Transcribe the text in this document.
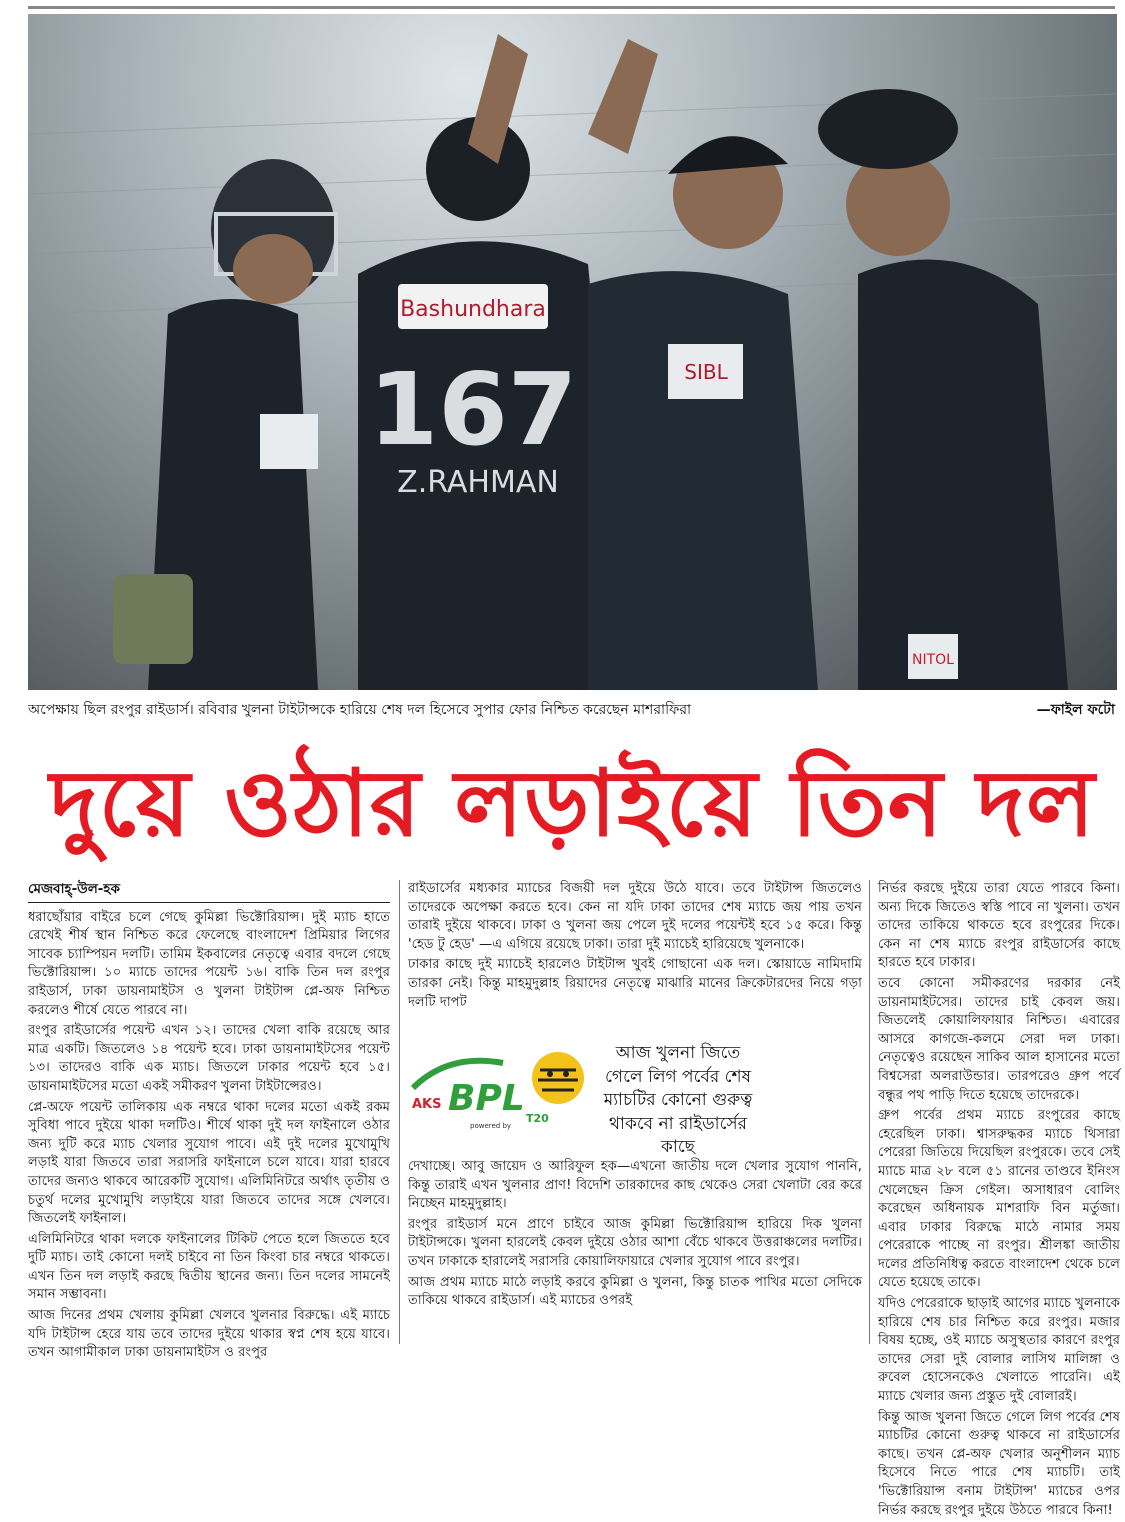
Bashundhara
167
Z.RAHMAN
SIBL
NITOL
অপেক্ষায় ছিল রংপুর রাইডার্স। রবিবার খুলনা টাইটান্সকে হারিয়ে শেষ দল হিসেবে সুপার ফোর নিশ্চিত করেছেন মাশরাফিরা	—ফাইল ফটো
দুয়ে ওঠার লড়াইয়ে তিন দল

মেজবাহ্-উল-হক

ধরাছোঁয়ার বাইরে চলে গেছে কুমিল্লা ভিক্টোরিয়ান্স। দুই ম্যাচ হাতে রেখেই শীর্ষ স্থান নিশ্চিত করে ফেলেছে বাংলাদেশ প্রিমিয়ার লিগের সাবেক চ্যাম্পিয়ন দলটি। তামিম ইকবালের নেতৃত্বে এবার বদলে গেছে ভিক্টোরিয়ান্স। ১০ ম্যাচে তাদের পয়েন্ট ১৬। বাকি তিন দল রংপুর রাইডার্স, ঢাকা ডায়নামাইটস ও খুলনা টাইটান্স প্লে-অফ নিশ্চিত করলেও শীর্ষে যেতে পারবে না।

রংপুর রাইডার্সের পয়েন্ট এখন ১২। তাদের খেলা বাকি রয়েছে আর মাত্র একটি। জিতলেও ১৪ পয়েন্ট হবে। ঢাকা ডায়নামাইটসের পয়েন্ট ১৩। তাদেরও বাকি এক ম্যাচ। জিতলে ঢাকার পয়েন্ট হবে ১৫। ডায়নামাইটসের মতো একই সমীকরণ খুলনা টাইটান্সেরও।

প্লে-অফে পয়েন্ট তালিকায় এক নম্বরে থাকা দলের মতো একই রকম সুবিধা পাবে দুইয়ে থাকা দলটিও। শীর্ষে থাকা দুই দল ফাইনালে ওঠার জন্য দুটি করে ম্যাচ খেলার সুযোগ পাবে। এই দুই দলের মুখোমুখি লড়াই যারা জিতবে তারা সরাসরি ফাইনালে চলে যাবে। যারা হারবে তাদের জন্যও থাকবে আরেকটি সুযোগ। এলিমিনিটরে অর্থাৎ তৃতীয় ও চতুর্থ দলের মুখোমুখি লড়াইয়ে যারা জিতবে তাদের সঙ্গে খেলবে। জিতলেই ফাইনাল।

এলিমিনিটরে থাকা দলকে ফাইনালের টিকিট পেতে হলে জিততে হবে দুটি ম্যাচ। তাই কোনো দলই চাইবে না তিন কিংবা চার নম্বরে থাকতে। এখন তিন দল লড়াই করছে দ্বিতীয় স্থানের জন্য। তিন দলের সামনেই সমান সম্ভাবনা।

আজ দিনের প্রথম খেলায় কুমিল্লা খেলবে খুলনার বিরুদ্ধে। এই ম্যাচে যদি টাইটান্স হেরে যায় তবে তাদের দুইয়ে থাকার স্বপ্ন শেষ হয়ে যাবে। তখন আগামীকাল ঢাকা ডায়নামাইটস ও রংপুর

রাইডার্সের মধ্যকার ম্যাচের বিজয়ী দল দুইয়ে উঠে যাবে। তবে টাইটান্স জিতলেও তাদেরকে অপেক্ষা করতে হবে। কেন না যদি ঢাকা তাদের শেষ ম্যাচে জয় পায় তখন তারাই দুইয়ে থাকবে। ঢাকা ও খুলনা জয় পেলে দুই দলের পয়েন্টই হবে ১৫ করে। কিন্তু 'হেড টু হেড' —এ এগিয়ে রয়েছে ঢাকা। তারা দুই ম্যাচেই হারিয়েছে খুলনাকে।

ঢাকার কাছে দুই ম্যাচেই হারলেও টাইটান্স খুবই গোছানো এক দল। স্কোয়াডে নামিদামি তারকা নেই। কিন্তু মাহমুদুল্লাহ রিয়াদের নেতৃত্বে মাঝারি মানের ক্রিকেটারদের নিয়ে গড়া দলটি দাপট

AKS BPL T20
powered by
আজ খুলনা জিতে গেলে লিগ পর্বের শেষ ম্যাচটির কোনো গুরুত্ব থাকবে না রাইডার্সের কাছে

দেখাচ্ছে। আবু জায়েদ ও আরিফুল হক—এখনো জাতীয় দলে খেলার সুযোগ পাননি, কিন্তু তারাই এখন খুলনার প্রাণ! বিদেশি তারকাদের কাছ থেকেও সেরা খেলাটা বের করে নিচ্ছেন মাহমুদুল্লাহ।

রংপুর রাইডার্স মনে প্রাণে চাইবে আজ কুমিল্লা ভিক্টোরিয়ান্স হারিয়ে দিক খুলনা টাইটান্সকে। খুলনা হারলেই কেবল দুইয়ে ওঠার আশা বেঁচে থাকবে উত্তরাঞ্চলের দলটির। তখন ঢাকাকে হারালেই সরাসরি কোয়ালিফায়ারে খেলার সুযোগ পাবে রংপুর।

আজ প্রথম ম্যাচে মাঠে লড়াই করবে কুমিল্লা ও খুলনা, কিন্তু চাতক পাখির মতো সেদিকে তাকিয়ে থাকবে রাইডার্স। এই ম্যাচের ওপরই

নির্ভর করছে দুইয়ে তারা যেতে পারবে কিনা। অন্য দিকে জিতেও স্বস্তি পাবে না খুলনা। তখন তাদের তাকিয়ে থাকতে হবে রংপুরের দিকে। কেন না শেষ ম্যাচে রংপুর রাইডার্সের কাছে হারতে হবে ঢাকার।

তবে কোনো সমীকরণের দরকার নেই ডায়নামাইটসের। তাদের চাই কেবল জয়। জিতলেই কোয়ালিফায়ার নিশ্চিত। এবারের আসরে কাগজে-কলমে সেরা দল ঢাকা। নেতৃত্বেও রয়েছেন সাকিব আল হাসানের মতো বিশ্বসেরা অলরাউন্ডার। তারপরেও গ্রুপ পর্বে বন্ধুর পথ পাড়ি দিতে হয়েছে তাদেরকে।

গ্রুপ পর্বের প্রথম ম্যাচে রংপুরের কাছে হেরেছিল ঢাকা। শ্বাসরুদ্ধকর ম্যাচে থিসারা পেরেরা জিতিয়ে দিয়েছিল রংপুরকে। তবে সেই ম্যাচে মাত্র ২৮ বলে ৫১ রানের তাণ্ডবে ইনিংস খেলেছেন ক্রিস গেইল। অসাধারণ বোলিং করেছেন অধিনায়ক মাশরাফি বিন মর্তুজা। এবার ঢাকার বিরুদ্ধে মাঠে নামার সময় পেরেরাকে পাচ্ছে না রংপুর। শ্রীলঙ্কা জাতীয় দলের প্রতিনিধিত্ব করতে বাংলাদেশ থেকে চলে যেতে হয়েছে তাকে।

যদিও পেরেরাকে ছাড়াই আগের ম্যাচে খুলনাকে হারিয়ে শেষ চার নিশ্চিত করে রংপুর। মজার বিষয় হচ্ছে, ওই ম্যাচে অসুস্থতার কারণে রংপুর তাদের সেরা দুই বোলার লাসিথ মালিঙ্গা ও রুবেল হোসেনকেও খেলাতে পারেনি। এই ম্যাচে খেলার জন্য প্রস্তুত দুই বোলারই।

কিন্তু আজ খুলনা জিতে গেলে লিগ পর্বের শেষ ম্যাচটির কোনো গুরুত্ব থাকবে না রাইডার্সের কাছে। তখন প্লে-অফ খেলার অনুশীলন ম্যাচ হিসেবে নিতে পারে শেষ ম্যাচটি। তাই 'ভিক্টোরিয়ান্স বনাম টাইটান্স' ম্যাচের ওপর নির্ভর করছে রংপুর দুইয়ে উঠতে পারবে কিনা!
